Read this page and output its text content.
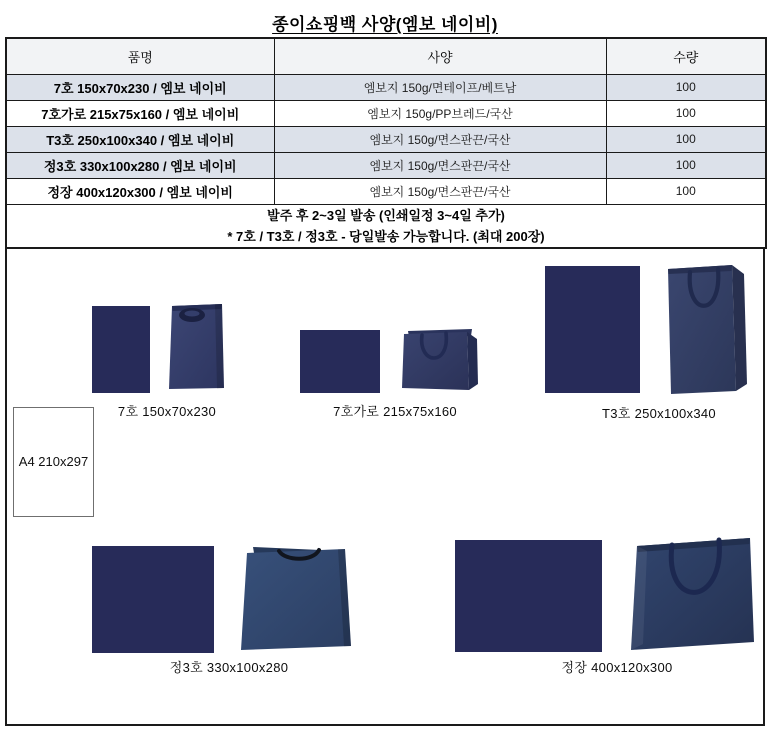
종이쇼핑백 사양(엠보 네이비)
품명	사양	수량
7호 150x70x230 / 엠보 네이비	엠보지 150g/면테이프/베트남	100
7호가로 215x75x160 / 엠보 네이비	엠보지 150g/PP브레드/국산	100
T3호 250x100x340 / 엠보 네이비	엠보지 150g/면스판끈/국산	100
정3호 330x100x280 / 엠보 네이비	엠보지 150g/면스판끈/국산	100
정장 400x120x300 / 엠보 네이비	엠보지 150g/면스판끈/국산	100

발주 후 2~3일 발송 (인쇄일정 3~4일 추가)
* 7호 / T3호 / 정3호 - 당일발송 가능합니다. (최대 200장)		
7호 150x70x230	7호가로 215x75x160	T3호 250x100x340
A4 210x297
정3호 330x100x280	정장 400x120x300
